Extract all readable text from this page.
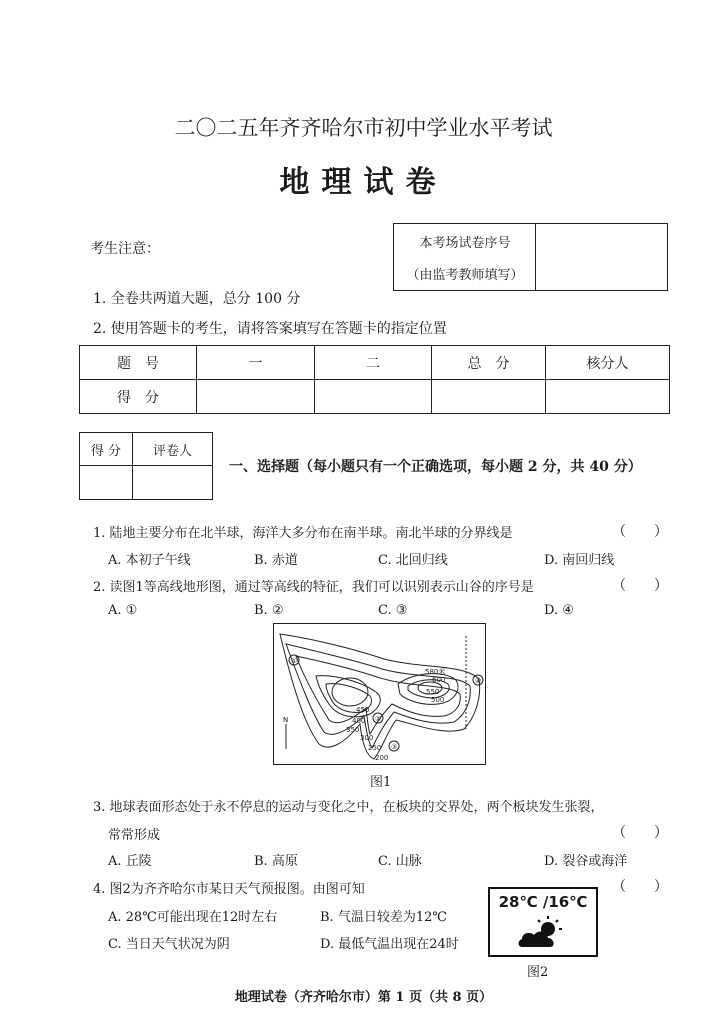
二〇二五年齐齐哈尔市初中学业水平考试
地理试卷
考生注意：
1. 全卷共两道大题，总分 100 分
2. 使用答题卡的考生，请将答案填写在答题卡的指定位置
本考场试卷序号
（由监考教师填写）
题　号	一	二	总　分	核分人
得　分				
得 分	评卷人

一、选择题（每小题只有一个正确选项，每小题 2 分，共 40 分）
1. 陆地主要分布在北半球，海洋大多分布在南半球。南北半球的分界线是	（　　）
A. 本初子午线	B. 赤道	C. 北回归线	D. 南回归线
2. 读图1等高线地形图，通过等高线的特征，我们可以识别表示山谷的序号是	（　　）
A. ①	B. ②	C. ③	D. ④
①
②
③
④
580米
600
550
500
450
400
350
300
250
200
N
图1
3. 地球表面形态处于永不停息的运动与变化之中，在板块的交界处，两个板块发生张裂，
常常形成	（　　）
A. 丘陵	B. 高原	C. 山脉	D. 裂谷或海洋
4. 图2为齐齐哈尔市某日天气预报图。由图可知	（　　）
A. 28℃可能出现在12时左右	B. 气温日较差为12℃
C. 当日天气状况为阴	D. 最低气温出现在24时
28℃ /16℃
图2
地理试卷（齐齐哈尔市）第 1 页（共 8 页）
